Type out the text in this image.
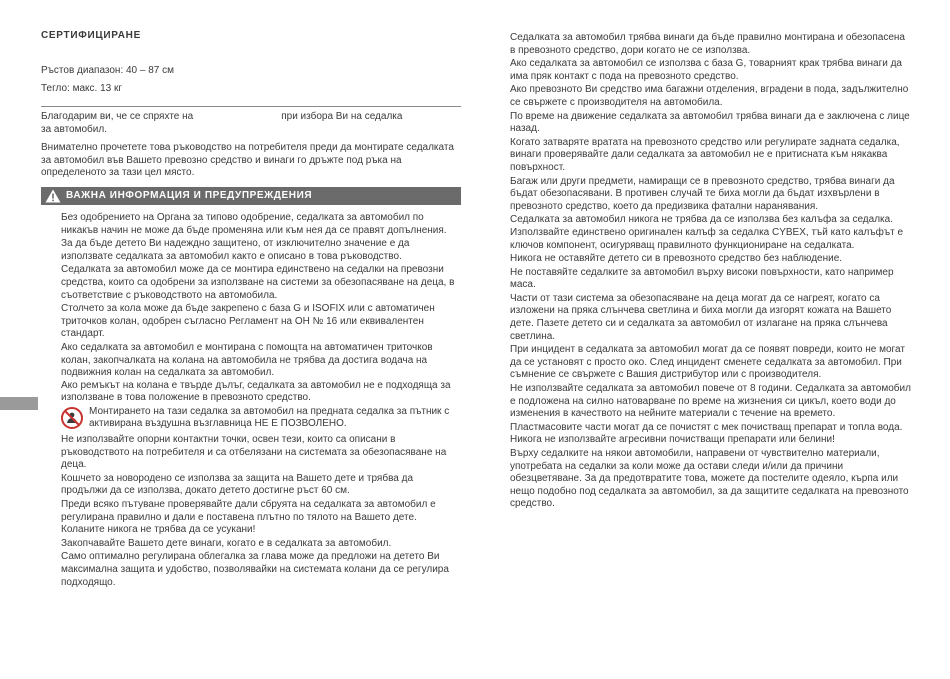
СЕРТИФИЦИРАНЕ

Ръстов диапазон: 40 – 87 см
Тегло: макс. 13 кг

Благодарим ви, че се спряхте на	при избора Ви на седалка
за автомобил.

Внимателно прочетете това ръководство на потребителя преди да монтирате седалката за автомобил във Вашето превозно средство и винаги го дръжте под ръка на определеното за тази цел място.

ВАЖНА ИНФОРМАЦИЯ И ПРЕДУПРЕЖДЕНИЯ

Без одобрението на Органа за типово одобрение, седалката за автомобил по никакъв начин не може да бъде променяна или към нея да се правят допълнения.

За да бъде детето Ви надеждно защитено, от изключително значение е да използвате седалката за автомобил както е описано в това ръководство.

Седалката за автомобил може да се монтира единствено на седалки на превозни средства, които са одобрени за използване на системи за обезопасяване на деца, в съответствие с ръководството на автомобила.

Столчето за кола може да бъде закрепено с база G и ISOFIX или с автоматичен триточков колан, одобрен съгласно Регламент на ОН № 16 или еквивалентен стандарт.

Ако седалката за автомобил е монтирана с помощта на автоматичен триточков колан, закопчалката на колана на автомобила не трябва да достига водача на подвижния колан на седалката за автомобил.

Ако ремъкът на колана е твърде дълъг, седалката за автомобил не е подходяща за използване в това положение в превозното средство.

Монтирането на тази седалка за автомобил на предната седалка за пътник с активирана въздушна възглавница НЕ Е ПОЗВОЛЕНО.

Не използвайте опорни контактни точки, освен тези, които са описани в ръководството на потребителя и са отбелязани на системата за обезопасяване на деца.

Кошчето за новородено се използва за защита на Вашето дете и трябва да продължи да се използва, докато детето достигне ръст 60 см.

Преди всяко пътуване проверявайте дали сбруята на седалката за автомобил е регулирана правилно и дали е поставена плътно по тялото на Вашето дете. Коланите никога не трябва да се усукани!

Закопчавайте Вашето дете винаги, когато е в седалката за автомобил.

Само оптимално регулирана облегалка за глава може да предложи на детето Ви максимална защита и удобство, позволявайки на системата колани да се регулира подходящо.

Седалката за автомобил трябва винаги да бъде правилно монтирана и обезопасена в превозното средство, дори когато не се използва.

Ако седалката за автомобил се използва с база G, товарният крак трябва винаги да има пряк контакт с пода на превозното средство.

Ако превозното Ви средство има багажни отделения, вградени в пода, задължително се свържете с производителя на автомобила.

По време на движение седалката за автомобил трябва винаги да е заключена с лице назад.

Когато затваряте вратата на превозното средство или регулирате задната седалка, винаги проверявайте дали седалката за автомобил не е притисната към някаква повърхност.

Багаж или други предмети, намиращи се в превозното средство, трябва винаги да бъдат обезопасявани. В противен случай те биха могли да бъдат изхвърлени в превозното средство, което да предизвика фатални наранявания.

Седалката за автомобил никога не трябва да се използва без калъфа за седалка. Използвайте единствено оригинален калъф за седалка CYBEX, тъй като калъфът е ключов компонент, осигуряващ правилното функциониране на седалката.

Никога не оставяйте детето си в превозното средство без наблюдение.

Не поставяйте седалките за автомобил върху високи повърхности, като например маса.

Части от тази система за обезопасяване на деца могат да се нагреят, когато са изложени на пряка слънчева светлина и биха могли да изгорят кожата на Вашето дете. Пазете детето си и седалката за автомобил от излагане на пряка слънчева светлина.

При инцидент в седалката за автомобил могат да се появят повреди, които не могат да се установят с просто око. След инцидент сменете седалката за автомобил. При съмнение се свържете с Вашия дистрибутор или с производителя.

Не използвайте седалката за автомобил повече от 8 години. Седалката за автомобил е подложена на силно натоварване по време на жизнения си цикъл, което води до изменения в качеството на нейните материали с течение на времето.

Пластмасовите части могат да се почистят с мек почистващ препарат и топла вода. Никога не използвайте агресивни почистващи препарати или белини!

Върху седалките на някои автомобили, направени от чувствително материали, употребата на седалки за коли може да остави следи и/или да причини обезцветяване. За да предотвратите това, можете да постелите одеяло, кърпа или нещо подобно под седалката за автомобил, за да защитите седалката на превозното средство.
